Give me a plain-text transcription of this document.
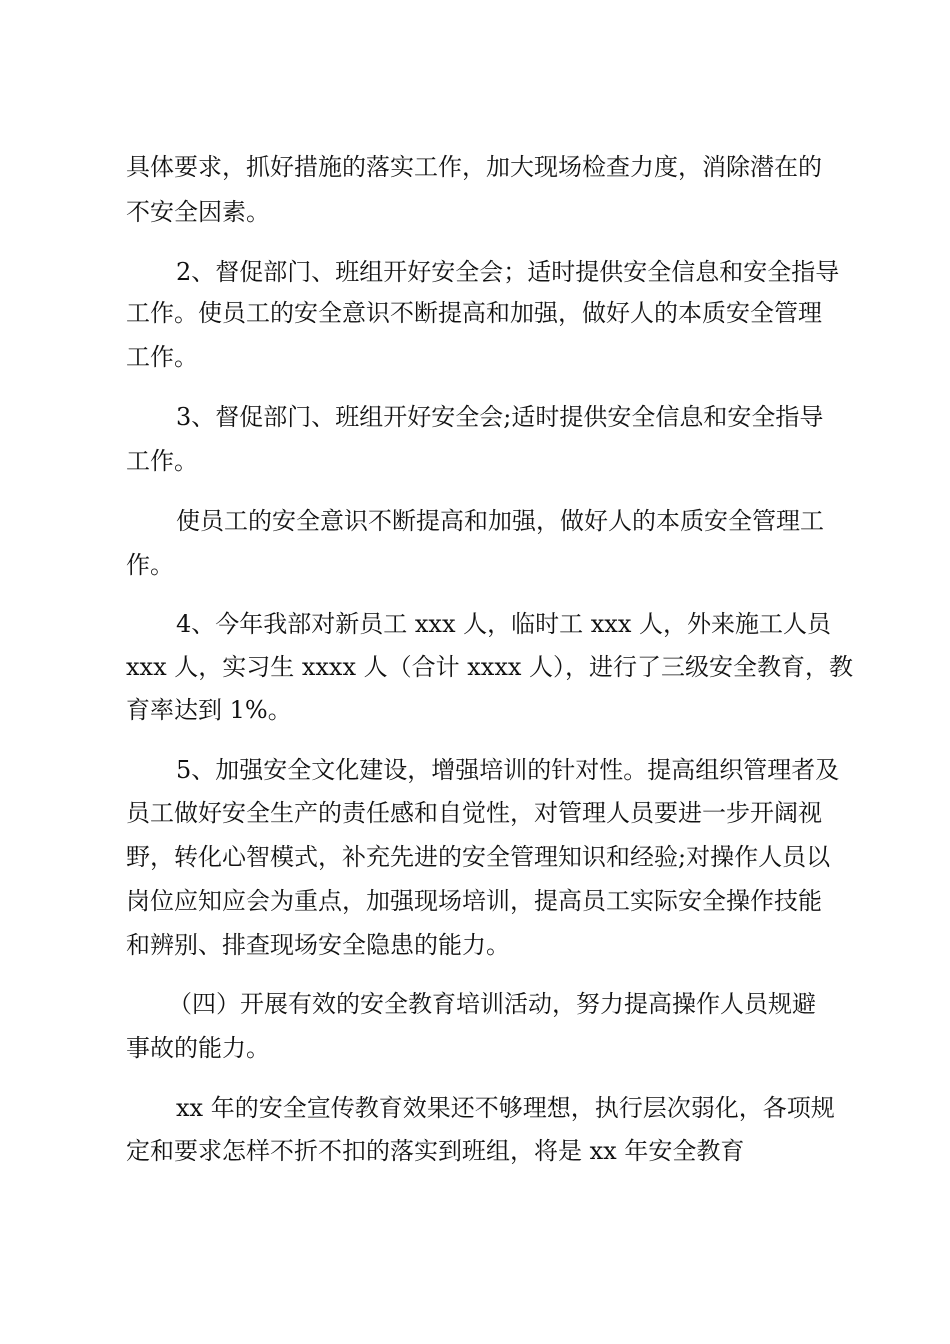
具体要求，抓好措施的落实工作，加大现场检查力度，消除潜在的
不安全因素。
2、督促部门、班组开好安全会；适时提供安全信息和安全指导
工作。使员工的安全意识不断提高和加强，做好人的本质安全管理
工作。
3、督促部门、班组开好安全会;适时提供安全信息和安全指导
工作。
使员工的安全意识不断提高和加强，做好人的本质安全管理工
作。
4、今年我部对新员工 xxx 人，临时工 xxx 人，外来施工人员
xxx 人，实习生 xxxx 人（合计 xxxx 人），进行了三级安全教育，教
育率达到 1%。
5、加强安全文化建设，增强培训的针对性。提高组织管理者及
员工做好安全生产的责任感和自觉性，对管理人员要进一步开阔视
野，转化心智模式，补充先进的安全管理知识和经验;对操作人员以
岗位应知应会为重点，加强现场培训，提高员工实际安全操作技能
和辨别、排查现场安全隐患的能力。
（四）开展有效的安全教育培训活动，努力提高操作人员规避
事故的能力。
xx 年的安全宣传教育效果还不够理想，执行层次弱化，各项规
定和要求怎样不折不扣的落实到班组，将是 xx 年安全教育
